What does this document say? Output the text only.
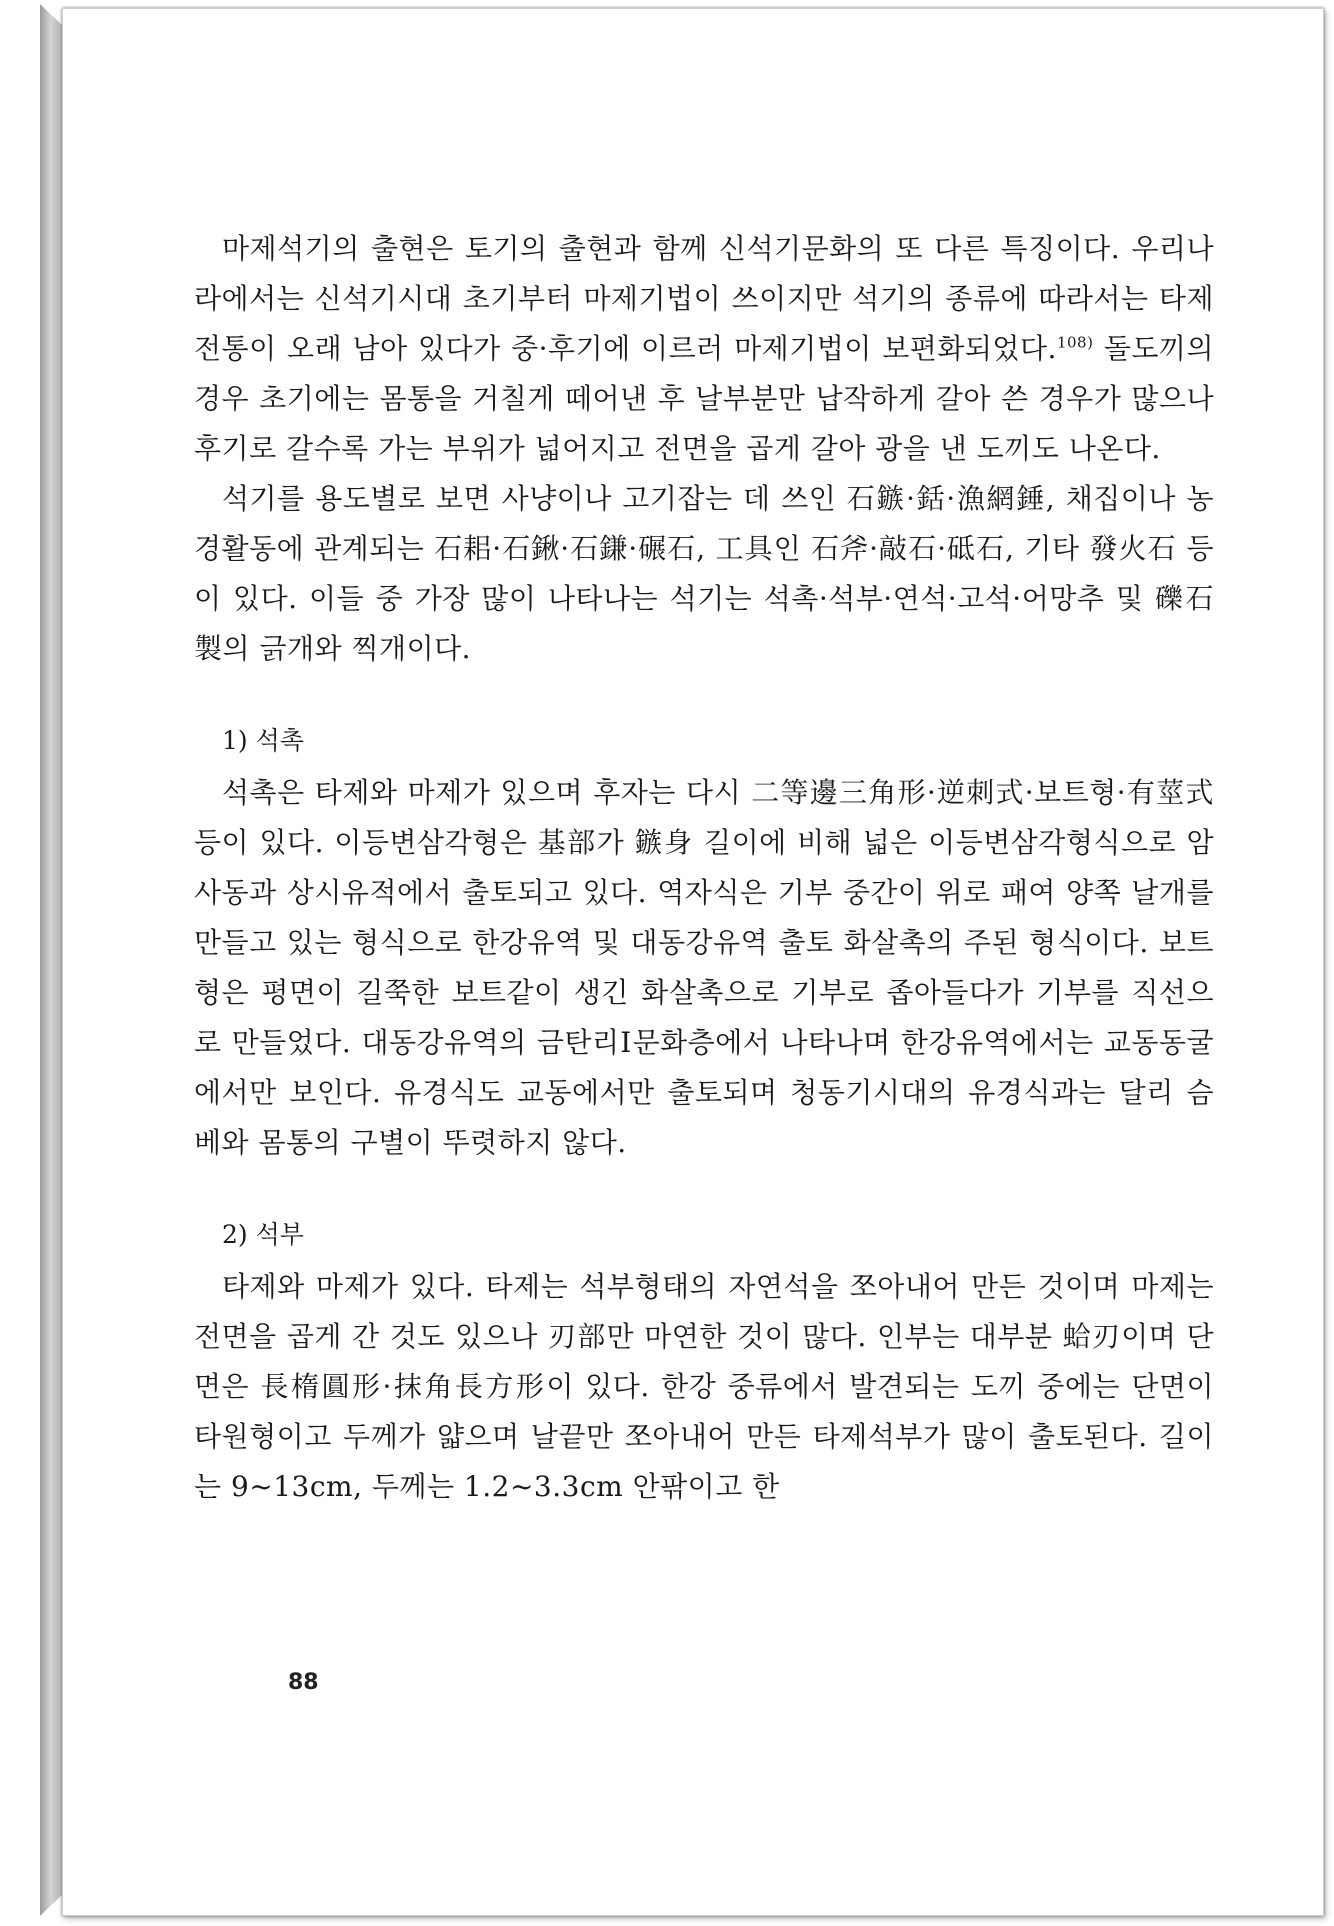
마제석기의 출현은 토기의 출현과 함께 신석기문화의 또 다른 특징이다. 우리나라에서는 신석기시대 초기부터 마제기법이 쓰이지만 석기의 종류에 따라서는 타제전통이 오래 남아 있다가 중·후기에 이르러 마제기법이 보편화되었다.$^{108)}$ 돌도끼의 경우 초기에는 몸통을 거칠게 떼어낸 후 날부분만 납작하게 갈아 쓴 경우가 많으나 후기로 갈수록 가는 부위가 넓어지고 전면을 곱게 갈아 광을 낸 도끼도 나온다.

석기를 용도별로 보면 사냥이나 고기잡는 데 쓰인 石鏃·銛·漁網錘, 채집이나 농경활동에 관계되는 石耜·石鍬·石鎌·碾石, 工具인 石斧·敲石·砥石, 기타 發火石 등이 있다. 이들 중 가장 많이 나타나는 석기는 석촉·석부·연석·고석·어망추 및 礫石製의 긁개와 찍개이다.

1) 석촉

석촉은 타제와 마제가 있으며 후자는 다시 二等邊三角形·逆刺式·보트형·有莖式 등이 있다. 이등변삼각형은 基部가 鏃身 길이에 비해 넓은 이등변삼각형식으로 암사동과 상시유적에서 출토되고 있다. 역자식은 기부 중간이 위로 패여 양쪽 날개를 만들고 있는 형식으로 한강유역 및 대동강유역 출토 화살촉의 주된 형식이다. 보트형은 평면이 길쭉한 보트같이 생긴 화살촉으로 기부로 좁아들다가 기부를 직선으로 만들었다. 대동강유역의 금탄리Ⅰ문화층에서 나타나며 한강유역에서는 교동동굴에서만 보인다. 유경식도 교동에서만 출토되며 청동기시대의 유경식과는 달리 슴베와 몸통의 구별이 뚜렷하지 않다.

2) 석부

타제와 마제가 있다. 타제는 석부형태의 자연석을 쪼아내어 만든 것이며 마제는 전면을 곱게 간 것도 있으나 刃部만 마연한 것이 많다. 인부는 대부분 蛤刃이며 단면은 長楕圓形·抹角長方形이 있다. 한강 중류에서 발견되는 도끼 중에는 단면이 타원형이고 두께가 얇으며 날끝만 쪼아내어 만든 타제석부가 많이 출토된다. 길이는 9~13cm, 두께는 1.2~3.3cm 안팎이고 한

88
